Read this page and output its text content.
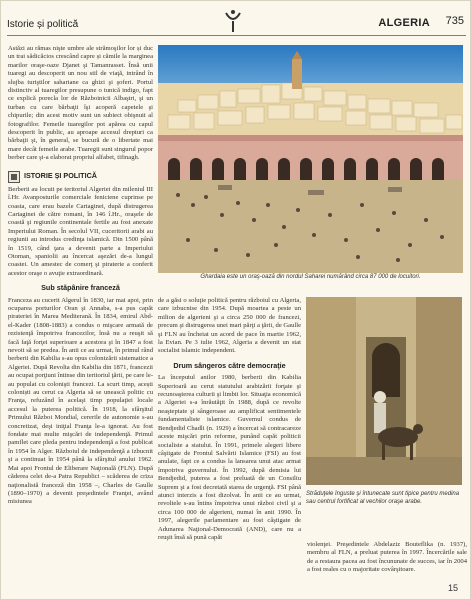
Istorie și politică	ALGERIA 735

Astăzi au rămas nişte umbre ale strămoşilor lor și duc un trai sădicăcios crescând capre și cămile la marginea marilor oraşe-oaze Djanet şi Tamanrasset. Însă unii tuaregi au descoperit un nou stil de viaţă, intrând în slujba turiştilor sahariane ca ghizi şi şoferi. Portul distinctiv al tuaregilor presupune o tunică indigo, fapt ce explică porecla lor de Războinicii Albaştri, şi un turban cu care bărbaţii îşi acoperă capetele şi chipurile; din acest motiv sunt un subiect obişnuit al fotografilor. Femeile tuaregilor pot apărea cu capul descoperit în public, au aproape accesul drepturi ca bărbaţii şi, în general, se bucură de o libertate mai mare decât femeile arabe. Tuaregii sunt singurul popor berber care şi-a elaborat propriul alfabet, tifinagh.

ISTORIE ȘI POLITICĂ

Berberii au locuit pe teritoriul Algeriei din mileniul III î.Hr. Avanposturile comerciale feniciene cuprinse pe coasta, care erau bazele Cartaginei, după distrugerea Cartaginei de către romani, în 146 î.Hr., oraşele de coastă şi regiunile continentale fertile au fost anexate Imperiului Roman. În secolul VII, cuceritorii arabi au regiunii au introdus credinţa islamică. Din 1500 până în 1519, când ţara a devenit parte a Imperiului Otoman, spaniolii au încercat aşezări de-a lungul coastei. Un amestec de comerţ şi piraterie a conferit acestor oraşe o avuţie extraordinară.

Sub stăpânire franceză

Franceza au cucerit Algerul în 1830, iar mai apoi, prin ocuparea porturilor Oran şi Annaba, s-a pus capăt pirateriei în Marea Mediterană. În 1834, emirul Abd-el-Kader (1808-1883) a condus o mişcare armată de rezistenţă împotriva francezilor, însă nu a reuşit să facă faţă forţei superioare a acestora şi în 1847 a fost nevoit să se predea. În anii ce au urmat, în primul rând berberii din Kabilia s-au opus colonizării sistematice a Algeriei. După Revolta din Kabilia din 1871, francezii au ocupat porţiuni întinse din teritoriul ţării, pe care le-au populat cu colonişti francezi. La scurt timp, acești coloniști au cerut ca Algeria să se unească politic cu Franţa, refuzând în acelaşi timp populaţiei locale accesul la puterea politică. În 1918, la sfârşitul Primului Război Mondial, cererile de autonomie s-au concretizat, deşi iniţial Franţa le-a ignorat. Au fost fondate mai multe mişcări de independenţă. Primul pamflet care pleda pentru independenţă a fost publicat în 1954 în Alger. Războiul de independenţă a izbucnit şi a continuat în 1954 până la sfârşitul anului 1962. Mai apoi Frontul de Eliberare Naţională (FLN). După căderea celei de-a Patra Republici – scăderea de criza naţionalistă franceză din 1958 –, Charles de Gaulle (1890–1970) a devenit preşedintele Franţei, având misiunea

Ghardaia este un oraş-oază din nordul Saharei numărând circa 87 000 de locuitori.

de a găsi o soluţie politică pentru războiul cu Algeria, care izbucnise din 1954. După moartea a peste un milion de algerieni şi a circa 250 000 de francezi, precum şi distrugerea unei mari părţi a ţării, de Gaulle şi FLN au încheiat un acord de pace în martie 1962, la Evian. Pe 3 iulie 1962, Algeria a devenit un stat socialist islamic independent.

Drum sângeros către democraţie

La începutul anilor 1980, berberii din Kabilia Superioară au cerut statutului arabizării forţate şi recunoaşterea culturii şi limbii lor. Situaţia economică a Algeriei s-a înrăutăţit în 1988, după ce revolte neaşteptate şi sângeroase au amplificat sentimentele fundamentaliste islamice. Guvernul condus de Bendjedid Chadli (n. 1929) a încercat să contracareze aceste mişcări prin reforme, punând capăt politicii socialiste a statului. În 1991, primele alegeri libere câştigate de Frontul Salvării Islamice (FSI) au fost anulate, fapt ce a condus la lansarea unui atac armat împotriva guvernului. În 1992, după demisia lui Bendjedid, puterea a fost preluată de un Consiliu Suprem şi a fost decretată starea de urgenţă. FSI până atunci interzis a fost dizolvat. În anii ce au urmat, revoltele s-au întins împotriva unui război civil şi a circa 100 000 de algerieni, numai în anii 1990. În 1997, alegerile parlamentare au fost câştigate de Adunarea Naţional-Democrată (AND), care nu a reuşit însă să pună capăt

Străduţele înguste şi întunecate sunt tipice pentru medina sau centrul fortificat al vechilor oraşe arabe.

violenţei. Preşedintele Abdelaziz Bouteflika (n. 1937), membru al FLN, a preluat puterea în 1997. Încercările sale de a restaura pacea au fost încununate de succes, iar în 2004 a fost reales cu o majoritate covârşitoare.

15
